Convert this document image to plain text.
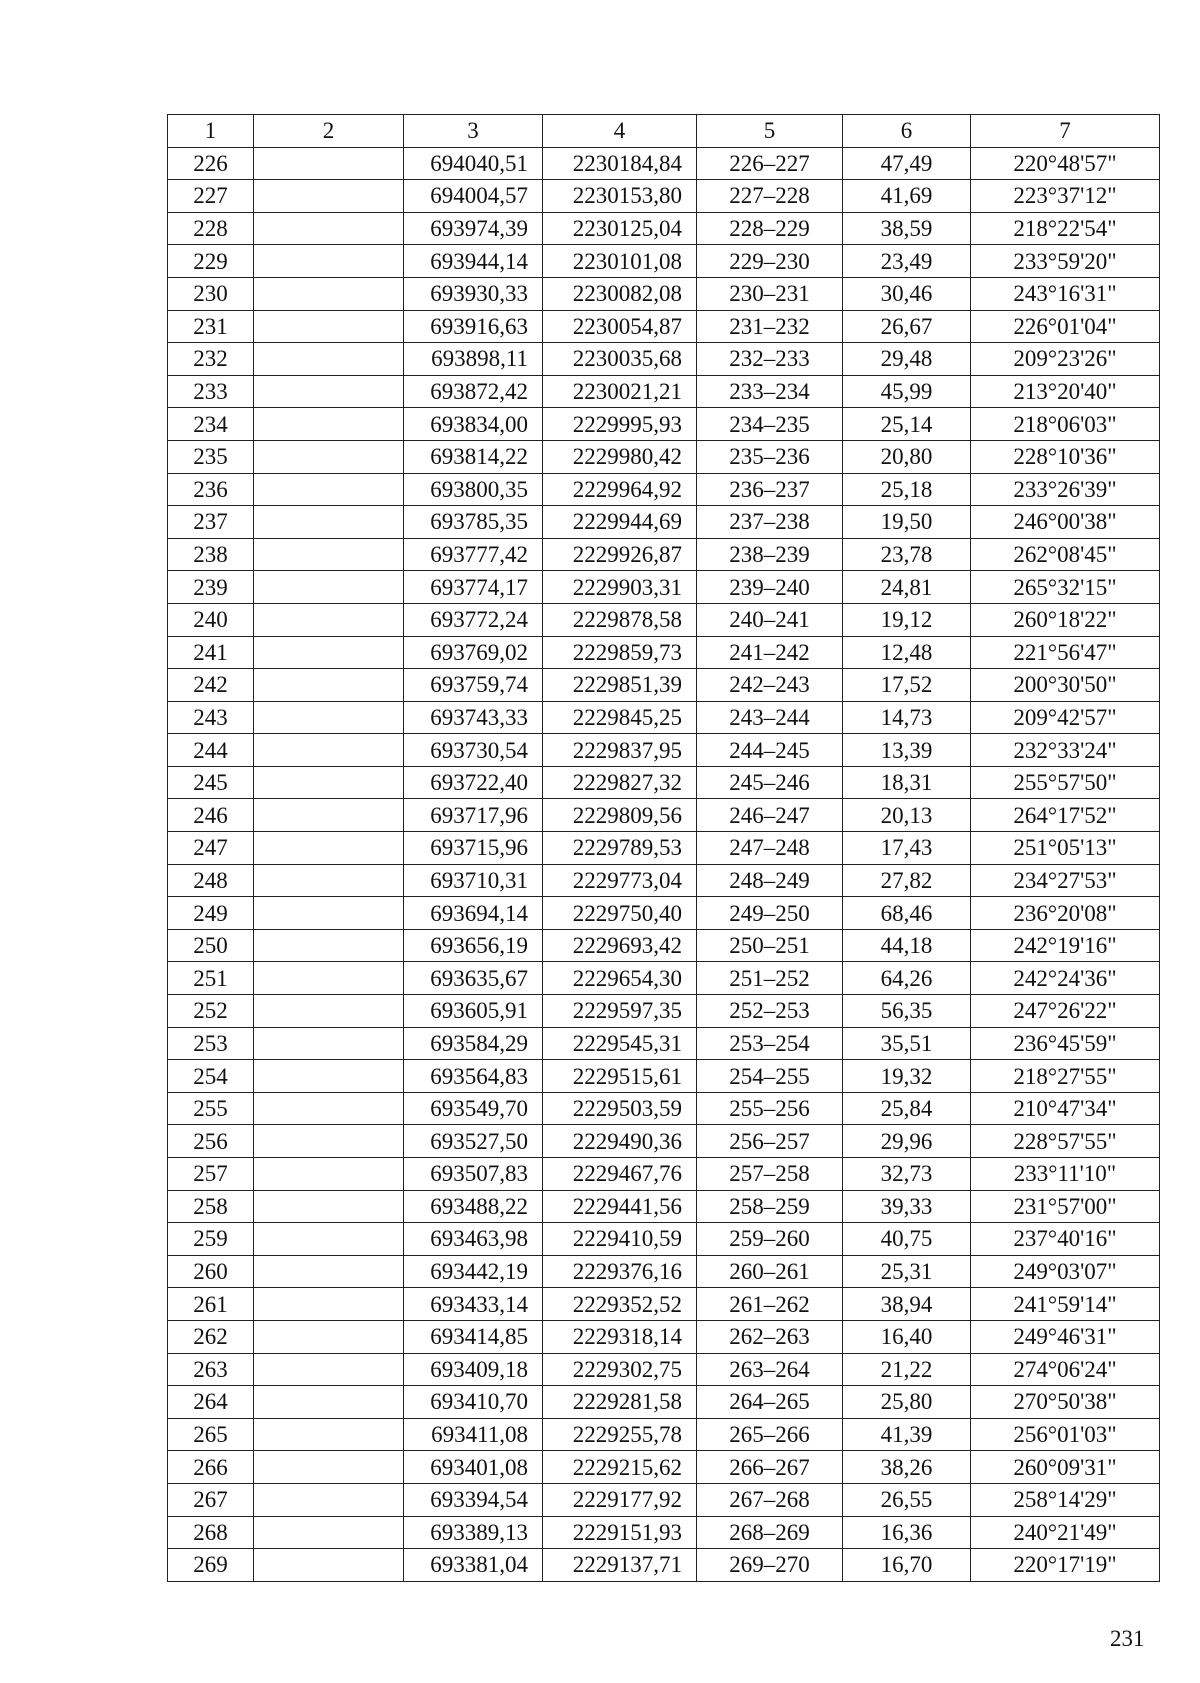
1	2	3	4	5	6	7
226		694040,51	2230184,84	226–227	47,49	220°48'57"
227		694004,57	2230153,80	227–228	41,69	223°37'12"
228		693974,39	2230125,04	228–229	38,59	218°22'54"
229		693944,14	2230101,08	229–230	23,49	233°59'20"
230		693930,33	2230082,08	230–231	30,46	243°16'31"
231		693916,63	2230054,87	231–232	26,67	226°01'04"
232		693898,11	2230035,68	232–233	29,48	209°23'26"
233		693872,42	2230021,21	233–234	45,99	213°20'40"
234		693834,00	2229995,93	234–235	25,14	218°06'03"
235		693814,22	2229980,42	235–236	20,80	228°10'36"
236		693800,35	2229964,92	236–237	25,18	233°26'39"
237		693785,35	2229944,69	237–238	19,50	246°00'38"
238		693777,42	2229926,87	238–239	23,78	262°08'45"
239		693774,17	2229903,31	239–240	24,81	265°32'15"
240		693772,24	2229878,58	240–241	19,12	260°18'22"
241		693769,02	2229859,73	241–242	12,48	221°56'47"
242		693759,74	2229851,39	242–243	17,52	200°30'50"
243		693743,33	2229845,25	243–244	14,73	209°42'57"
244		693730,54	2229837,95	244–245	13,39	232°33'24"
245		693722,40	2229827,32	245–246	18,31	255°57'50"
246		693717,96	2229809,56	246–247	20,13	264°17'52"
247		693715,96	2229789,53	247–248	17,43	251°05'13"
248		693710,31	2229773,04	248–249	27,82	234°27'53"
249		693694,14	2229750,40	249–250	68,46	236°20'08"
250		693656,19	2229693,42	250–251	44,18	242°19'16"
251		693635,67	2229654,30	251–252	64,26	242°24'36"
252		693605,91	2229597,35	252–253	56,35	247°26'22"
253		693584,29	2229545,31	253–254	35,51	236°45'59"
254		693564,83	2229515,61	254–255	19,32	218°27'55"
255		693549,70	2229503,59	255–256	25,84	210°47'34"
256		693527,50	2229490,36	256–257	29,96	228°57'55"
257		693507,83	2229467,76	257–258	32,73	233°11'10"
258		693488,22	2229441,56	258–259	39,33	231°57'00"
259		693463,98	2229410,59	259–260	40,75	237°40'16"
260		693442,19	2229376,16	260–261	25,31	249°03'07"
261		693433,14	2229352,52	261–262	38,94	241°59'14"
262		693414,85	2229318,14	262–263	16,40	249°46'31"
263		693409,18	2229302,75	263–264	21,22	274°06'24"
264		693410,70	2229281,58	264–265	25,80	270°50'38"
265		693411,08	2229255,78	265–266	41,39	256°01'03"
266		693401,08	2229215,62	266–267	38,26	260°09'31"
267		693394,54	2229177,92	267–268	26,55	258°14'29"
268		693389,13	2229151,93	268–269	16,36	240°21'49"
269		693381,04	2229137,71	269–270	16,70	220°17'19"
231
